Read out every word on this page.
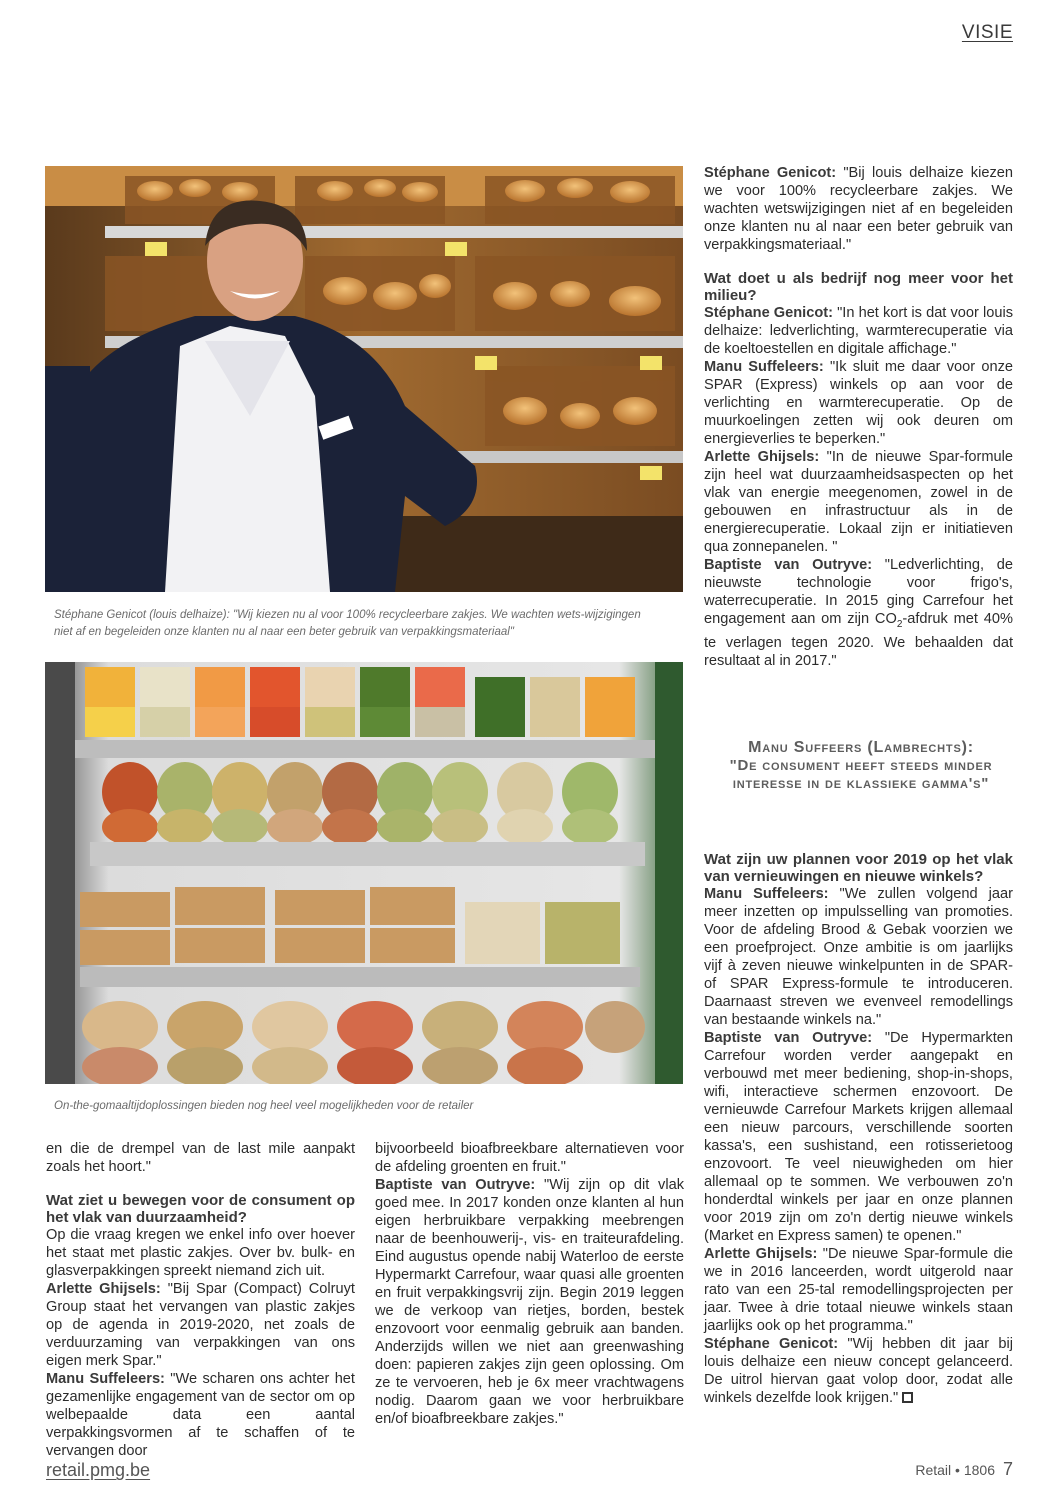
VISIE
Stéphane Genicot (louis delhaize): "Wij kiezen nu al voor 100% recycleerbare zakjes. We wachten wets-wijzigingen niet af en begeleiden onze klanten nu al naar een beter gebruik van verpakkingsmateriaal"
On-the-gomaaltijdoplossingen bieden nog heel veel mogelijkheden voor de retailer

Stéphane Genicot: "Bij louis delhaize kiezen we voor 100% recycleerbare zakjes. We wachten wetswijzigingen niet af en begeleiden onze klanten nu al naar een beter gebruik van verpakkingsmateriaal."

Wat doet u als bedrijf nog meer voor het milieu?

Stéphane Genicot: "In het kort is dat voor louis delhaize: ledverlichting, warmterecuperatie via de koeltoestellen en digitale affichage."

Manu Suffeleers: "Ik sluit me daar voor onze SPAR (Express) winkels op aan voor de verlichting en warmterecuperatie. Op de muurkoelingen zetten wij ook deuren om energieverlies te beperken."

Arlette Ghijsels: "In de nieuwe Spar-formule zijn heel wat duurzaamheidsaspecten op het vlak van energie meegenomen, zowel in de gebouwen en infrastructuur als in de energierecuperatie. Lokaal zijn er initiatieven qua zonnepanelen. "

Baptiste van Outryve: "Ledverlichting, de nieuwste technologie voor frigo's, waterrecuperatie. In 2015 ging Carrefour het engagement aan om zijn $CO_2$-afdruk met 40% te verlagen tegen 2020. We behaalden dat resultaat al in 2017."

Manu Suffeers (Lambrechts):
"De consument heeft steeds minder interesse in de klassieke gamma's"

Wat zijn uw plannen voor 2019 op het vlak van vernieuwingen en nieuwe winkels?

Manu Suffeleers: "We zullen volgend jaar meer inzetten op impulsselling van promoties. Voor de afdeling Brood & Gebak voorzien we een proefproject. Onze ambitie is om jaarlijks vijf à zeven nieuwe winkelpunten in de SPAR- of SPAR Express-formule te introduceren. Daarnaast streven we evenveel remodellings van bestaande winkels na."

Baptiste van Outryve: "De Hypermarkten Carrefour worden verder aangepakt en verbouwd met meer bediening, shop-in-shops, wifi, interactieve schermen enzovoort. De vernieuwde Carrefour Markets krijgen allemaal een nieuw parcours, verschillende soorten kassa's, een sushistand, een rotisserietoog enzovoort. Te veel nieuwigheden om hier allemaal op te sommen. We verbouwen zo'n honderdtal winkels per jaar en onze plannen voor 2019 zijn om zo'n dertig nieuwe winkels (Market en Express samen) te openen."

Arlette Ghijsels: "De nieuwe Spar-formule die we in 2016 lanceerden, wordt uitgerold naar rato van een 25-tal remodellingsprojecten per jaar. Twee à drie totaal nieuwe winkels staan jaarlijks ook op het programma."

Stéphane Genicot: "Wij hebben dit jaar bij louis delhaize een nieuw concept gelanceerd. De uitrol hiervan gaat volop door, zodat alle winkels dezelfde look krijgen."

en die de drempel van de last mile aanpakt zoals het hoort."

Wat ziet u bewegen voor de consument op het vlak van duurzaamheid?

Op die vraag kregen we enkel info over hoever het staat met plastic zakjes. Over bv. bulk- en glasverpakkingen spreekt niemand zich uit.

Arlette Ghijsels: "Bij Spar (Compact) Colruyt Group staat het vervangen van plastic zakjes op de agenda in 2019-2020, net zoals de verduurzaming van verpakkingen van ons eigen merk Spar."

Manu Suffeleers: "We scharen ons achter het gezamenlijke engagement van de sector om op welbepaalde data een aantal verpakkingsvormen af te schaffen of te vervangen door

bijvoorbeeld bioafbreekbare alternatieven voor de afdeling groenten en fruit."

Baptiste van Outryve: "Wij zijn op dit vlak goed mee. In 2017 konden onze klanten al hun eigen herbruikbare verpakking meebrengen naar de beenhouwerij-, vis- en traiteurafdeling. Eind augustus opende nabij Waterloo de eerste Hypermarkt Carrefour, waar quasi alle groenten en fruit verpakkingsvrij zijn. Begin 2019 leggen we de verkoop van rietjes, borden, bestek enzovoort voor eenmalig gebruik aan banden. Anderzijds willen we niet aan greenwashing doen: papieren zakjes zijn geen oplossing. Om ze te vervoeren, heb je 6x meer vrachtwagens nodig. Daarom gaan we voor herbruikbare en/of bioafbreekbare zakjes."

retail.pmg.be	Retail • 1806 7
